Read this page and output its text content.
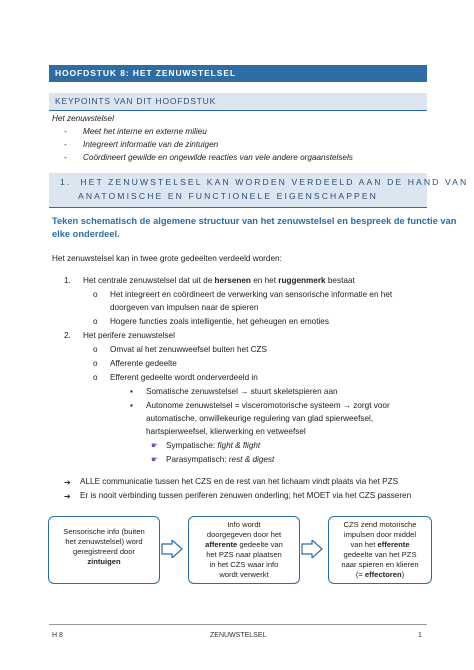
HOOFDSTUK 8: HET ZENUWSTELSEL
KEYPOINTS VAN DIT HOOFDSTUK
Het zenuwstelsel
- Meet het interne en externe milieu
- Integreert informatie van de zintuigen
- Coördineert gewilde en ongewilde reacties van vele andere orgaanstelsels
1. HET ZENUWSTELSEL KAN WORDEN VERDEELD AAN DE HAND VAN
ANATOMISCHE EN FUNCTIONELE EIGENSCHAPPEN
Teken schematisch de algemene structuur van het zenuwstelsel en bespreek de functie van
elke onderdeel.
Het zenuwstelsel kan in twee grote gedeelten verdeeld worden:
1. Het centrale zenuwstelsel dat uit de hersenen en het ruggenmerk bestaat
o Het integreert en coördineert de verwerking van sensorische informatie en het
doorgeven van impulsen naar de spieren
o Hogere functies zoals intelligentie, het geheugen en emoties
2. Het perifere zenuwstelsel
o Omvat al het zenuwweefsel buiten het CZS
o Afferente gedeelte
o Efferent gedeelte wordt onderverdeeld in
▪ Somatische zenuwstelsel → stuurt skeletspieren aan
▪ Autonome zenuwstelsel = visceromotorische systeem → zorgt voor
automatische, onwillekeurige regulering van glad spierweefsel,
hartspierweefsel, klierwerking en vetweefsel
☛ Sympatische: fight & flight
☛ Parasympatisch: rest & digest
➔ ALLE communicatie tussen het CZS en de rest van het lichaam vindt plaats via het PZS
➔ Er is nooit verbinding tussen periferen zenuwen onderling; het MOET via het CZS passeren
Sensorische info (buiten
het zenuwstelsel) word
geregistreerd door
zintuigen
Info wordt
doorgegeven door het
afferente gedeelte van
het PZS naar plaatsen
in het CZS waar info
wordt verwerkt
CZS zend motorische
impulsen door middel
van het efferente
gedeelte van het PZS
naar spieren en klieren
(= effectoren)
H 8	ZENUWSTELSEL	1
